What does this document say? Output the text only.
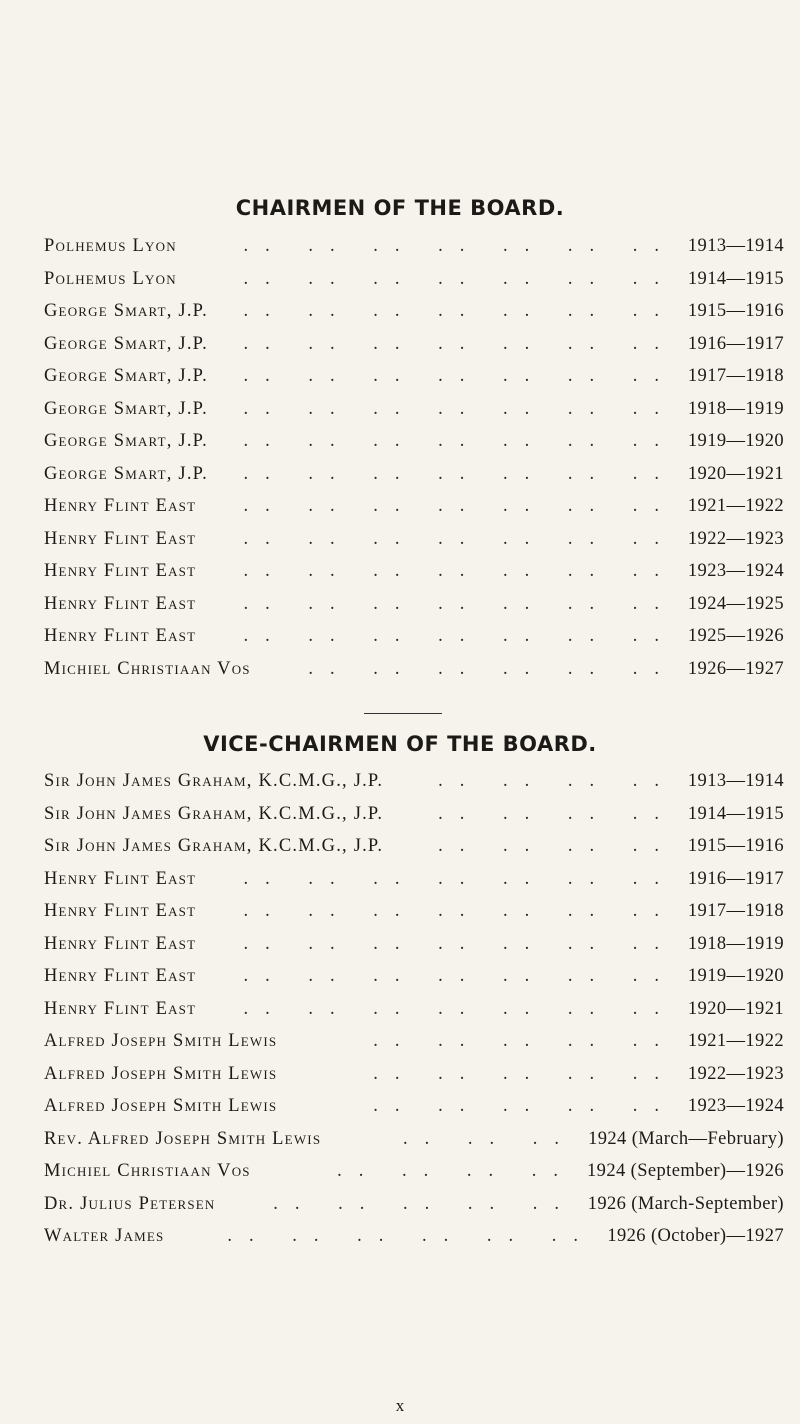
CHAIRMEN OF THE BOARD.
Polhemus Lyon	.. .. .. .. .. .. .. 1913—1914
Polhemus Lyon	.. .. .. .. .. .. .. 1914—1915
George Smart, J.P.	.. .. .. .. .. .. .. 1915—1916
George Smart, J.P.	.. .. .. .. .. .. .. 1916—1917
George Smart, J.P.	.. .. .. .. .. .. .. 1917—1918
George Smart, J.P.	.. .. .. .. .. .. .. 1918—1919
George Smart, J.P.	.. .. .. .. .. .. .. 1919—1920
George Smart, J.P.	.. .. .. .. .. .. .. 1920—1921
Henry Flint East	.. .. .. .. .. .. .. 1921—1922
Henry Flint East	.. .. .. .. .. .. .. 1922—1923
Henry Flint East	.. .. .. .. .. .. .. 1923—1924
Henry Flint East	.. .. .. .. .. .. .. 1924—1925
Henry Flint East	.. .. .. .. .. .. .. 1925—1926
Michiel Christiaan Vos	.. .. .. .. .. .. 1926—1927
VICE-CHAIRMEN OF THE BOARD.
Sir John James Graham, K.C.M.G., J.P.	.. .. .. .. 1913—1914
Sir John James Graham, K.C.M.G., J.P.	.. .. .. .. 1914—1915
Sir John James Graham, K.C.M.G., J.P.	.. .. .. .. 1915—1916
Henry Flint East	.. .. .. .. .. .. .. 1916—1917
Henry Flint East	.. .. .. .. .. .. .. 1917—1918
Henry Flint East	.. .. .. .. .. .. .. 1918—1919
Henry Flint East	.. .. .. .. .. .. .. 1919—1920
Henry Flint East	.. .. .. .. .. .. .. 1920—1921
Alfred Joseph Smith Lewis	.. .. .. .. .. 1921—1922
Alfred Joseph Smith Lewis	.. .. .. .. .. 1922—1923
Alfred Joseph Smith Lewis	.. .. .. .. .. 1923—1924
Rev. Alfred Joseph Smith Lewis	.. .. .. 1924 (March—February)
Michiel Christiaan Vos	.. .. .. .. 1924 (September)—1926
Dr. Julius Petersen	.. .. .. .. .. 1926 (March-September)
Walter James	.. .. .. .. .. .. 1926 (October)—1927
x
